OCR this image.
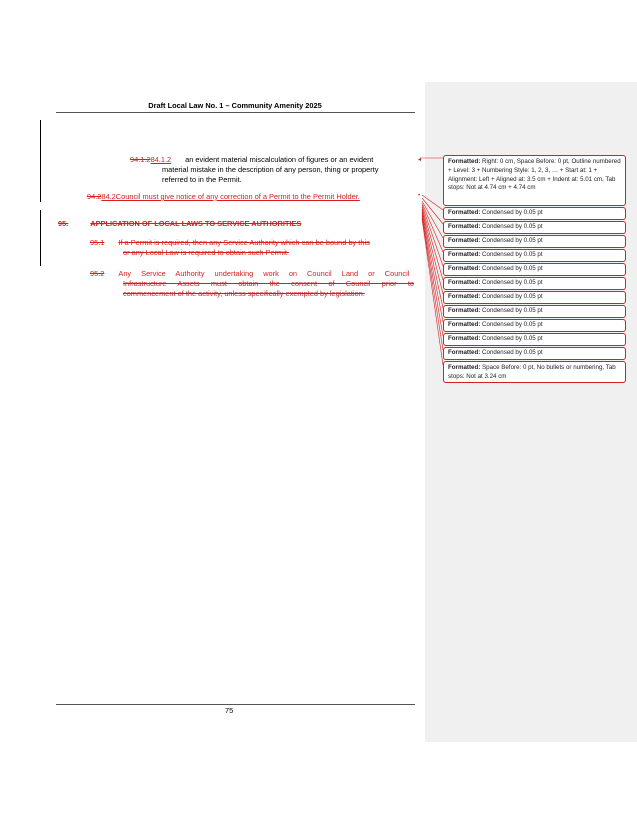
Draft Local Law No. 1 – Community Amenity 2025
94.1.284.1.2 an evident material miscalculation of figures or an evident
material mistake in the description of any person, thing or property
referred to in the Permit.
◂
94.284.2Council must give notice of any correction of a Permit to the Permit Holder.	•
95.	APPLICATION OF LOCAL LAWS TO SERVICE AUTHORITIES
95.1 If a Permit is required, then any Service Authority which can be bound by this
or any Local Law is required to obtain such Permit.
95.2 Any Service Authority undertaking work on Council Land or Council
Infrastructure Assets must obtain the consent of Council prior to
commencement of the activity, unless specifically exempted by legislation.
75
Formatted: Right: 0 cm, Space Before: 0 pt, Outline numbered + Level: 3 + Numbering Style: 1, 2, 3, … + Start at: 1 + Alignment: Left + Aligned at: 3.5 cm + Indent at: 5.01 cm, Tab stops: Not at 4.74 cm + 4.74 cm
Formatted: Condensed by 0.05 pt
Formatted: Condensed by 0.05 pt
Formatted: Condensed by 0.05 pt
Formatted: Condensed by 0.05 pt
Formatted: Condensed by 0.05 pt
Formatted: Condensed by 0.05 pt
Formatted: Condensed by 0.05 pt
Formatted: Condensed by 0.05 pt
Formatted: Condensed by 0.05 pt
Formatted: Condensed by 0.05 pt
Formatted: Condensed by 0.05 pt
Formatted: Space Before: 0 pt, No bullets or numbering, Tab stops: Not at 3.24 cm
